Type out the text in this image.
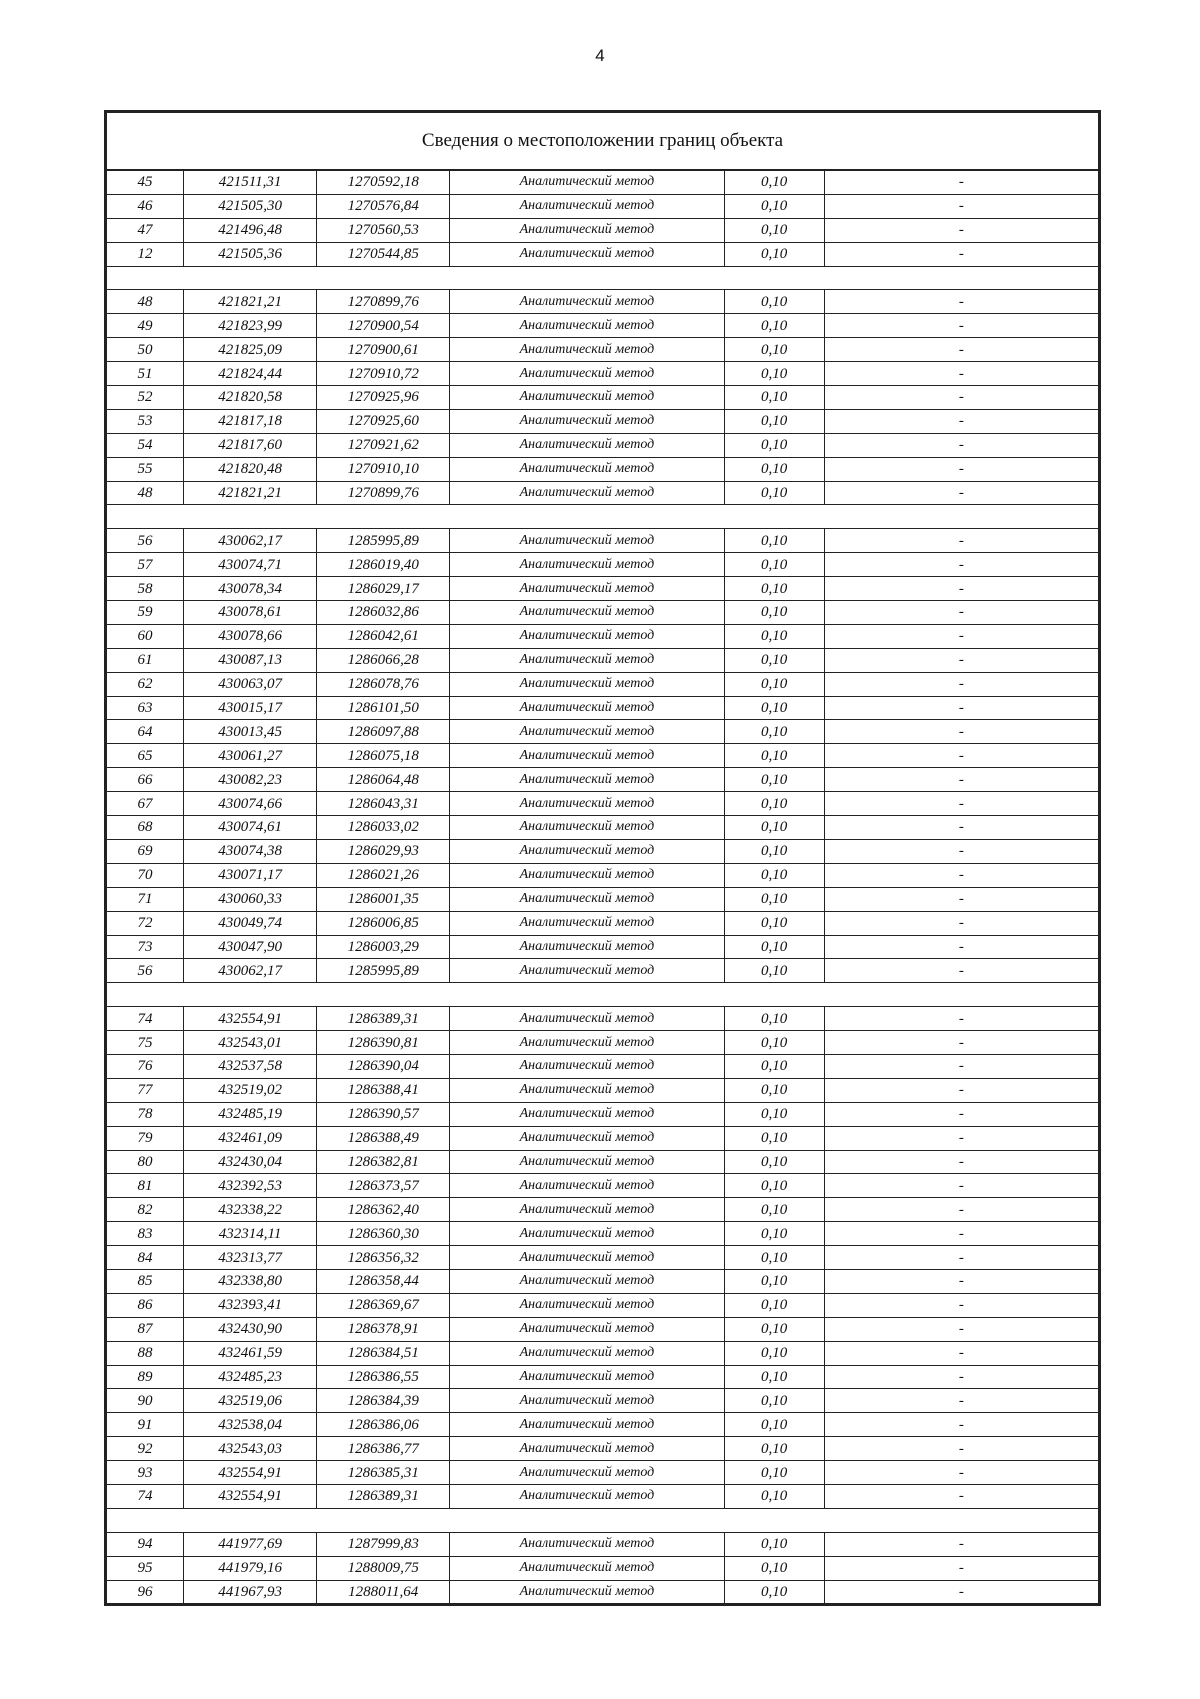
4
Сведения о местоположении границ объекта					
45	421511,31	1270592,18	Аналитический метод	0,10	-
46	421505,30	1270576,84	Аналитический метод	0,10	-
47	421496,48	1270560,53	Аналитический метод	0,10	-
12	421505,36	1270544,85	Аналитический метод	0,10	-

48	421821,21	1270899,76	Аналитический метод	0,10	-
49	421823,99	1270900,54	Аналитический метод	0,10	-
50	421825,09	1270900,61	Аналитический метод	0,10	-
51	421824,44	1270910,72	Аналитический метод	0,10	-
52	421820,58	1270925,96	Аналитический метод	0,10	-
53	421817,18	1270925,60	Аналитический метод	0,10	-
54	421817,60	1270921,62	Аналитический метод	0,10	-
55	421820,48	1270910,10	Аналитический метод	0,10	-
48	421821,21	1270899,76	Аналитический метод	0,10	-

56	430062,17	1285995,89	Аналитический метод	0,10	-
57	430074,71	1286019,40	Аналитический метод	0,10	-
58	430078,34	1286029,17	Аналитический метод	0,10	-
59	430078,61	1286032,86	Аналитический метод	0,10	-
60	430078,66	1286042,61	Аналитический метод	0,10	-
61	430087,13	1286066,28	Аналитический метод	0,10	-
62	430063,07	1286078,76	Аналитический метод	0,10	-
63	430015,17	1286101,50	Аналитический метод	0,10	-
64	430013,45	1286097,88	Аналитический метод	0,10	-
65	430061,27	1286075,18	Аналитический метод	0,10	-
66	430082,23	1286064,48	Аналитический метод	0,10	-
67	430074,66	1286043,31	Аналитический метод	0,10	-
68	430074,61	1286033,02	Аналитический метод	0,10	-
69	430074,38	1286029,93	Аналитический метод	0,10	-
70	430071,17	1286021,26	Аналитический метод	0,10	-
71	430060,33	1286001,35	Аналитический метод	0,10	-
72	430049,74	1286006,85	Аналитический метод	0,10	-
73	430047,90	1286003,29	Аналитический метод	0,10	-
56	430062,17	1285995,89	Аналитический метод	0,10	-

74	432554,91	1286389,31	Аналитический метод	0,10	-
75	432543,01	1286390,81	Аналитический метод	0,10	-
76	432537,58	1286390,04	Аналитический метод	0,10	-
77	432519,02	1286388,41	Аналитический метод	0,10	-
78	432485,19	1286390,57	Аналитический метод	0,10	-
79	432461,09	1286388,49	Аналитический метод	0,10	-
80	432430,04	1286382,81	Аналитический метод	0,10	-
81	432392,53	1286373,57	Аналитический метод	0,10	-
82	432338,22	1286362,40	Аналитический метод	0,10	-
83	432314,11	1286360,30	Аналитический метод	0,10	-
84	432313,77	1286356,32	Аналитический метод	0,10	-
85	432338,80	1286358,44	Аналитический метод	0,10	-
86	432393,41	1286369,67	Аналитический метод	0,10	-
87	432430,90	1286378,91	Аналитический метод	0,10	-
88	432461,59	1286384,51	Аналитический метод	0,10	-
89	432485,23	1286386,55	Аналитический метод	0,10	-
90	432519,06	1286384,39	Аналитический метод	0,10	-
91	432538,04	1286386,06	Аналитический метод	0,10	-
92	432543,03	1286386,77	Аналитический метод	0,10	-
93	432554,91	1286385,31	Аналитический метод	0,10	-
74	432554,91	1286389,31	Аналитический метод	0,10	-

94	441977,69	1287999,83	Аналитический метод	0,10	-
95	441979,16	1288009,75	Аналитический метод	0,10	-
96	441967,93	1288011,64	Аналитический метод	0,10	-
